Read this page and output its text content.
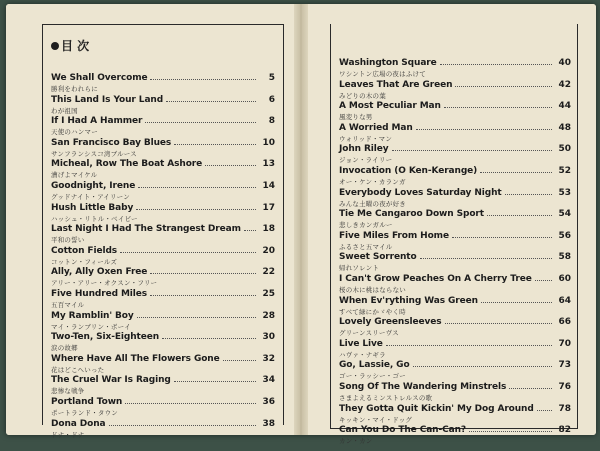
目 次
We Shall Overcome	5
勝利をわれらに
This Land Is Your Land	6
わが祖国
If I Had A Hammer	8
天使のハンマー
San Francisco Bay Blues	10
サンフランシスコ湾ブルース
Micheal, Row The Boat Ashore	13
漕げよマイケル
Goodnight, Irene	14
グッドナイト・アイリーン
Hush Little Baby	17
ハッシュ・リトル・ベイビー
Last Night I Had The Strangest Dream	18
平和の誓い
Cotton Fields	20
コットン・フィールズ
Ally, Ally Oxen Free	22
アリー・アリー・オクスン・フリー
Five Hundred Miles	25
五百マイル
My Ramblin' Boy	28
マイ・ランブリン・ボーイ
Two-Ten, Six-Eighteen	30
涙の故郷
Where Have All The Flowers Gone	32
花はどこへいった
The Cruel War Is Raging	34
悲惨な戦争
Portland Town	36
ポートランド・タウン
Dona Dona	38
ドナ・ドナ
Washington Square	40
ワシントン広場の夜はふけて
Leaves That Are Green	42
みどりの木の葉
A Most Peculiar Man	44
風変りな男
A Worried Man	48
ウォリッド・マン
John Riley	50
ジョン・ライリー
Invocation (O Ken-Kerange)	52
オー・ケン・カランガ
Everybody Loves Saturday Night	53
みんな土曜の夜が好き
Tie Me Cangaroo Down Sport	54
悲しきカンガルー
Five Miles From Home	56
ふるさと五マイル
Sweet Sorrento	58
帰れソレント
I Can't Grow Peaches On A Cherry Tree	60
桜の木に桃はならない
When Ev'rything Was Green	64
すべて緑にかゞやく時
Lovely Greensleeves	66
グリーンスリーヴス
Live Live	70
ハヴァ・ナギラ
Go, Lassie, Go	73
ゴー・ラッシー・ゴー
Song Of The Wandering Minstrels	76
さまよえるミンストレルスの歌
They Gotta Quit Kickin' My Dog Around	78
キッキン・マイ・ドッグ
Can You Do The Can-Can?	82
カン・カン
